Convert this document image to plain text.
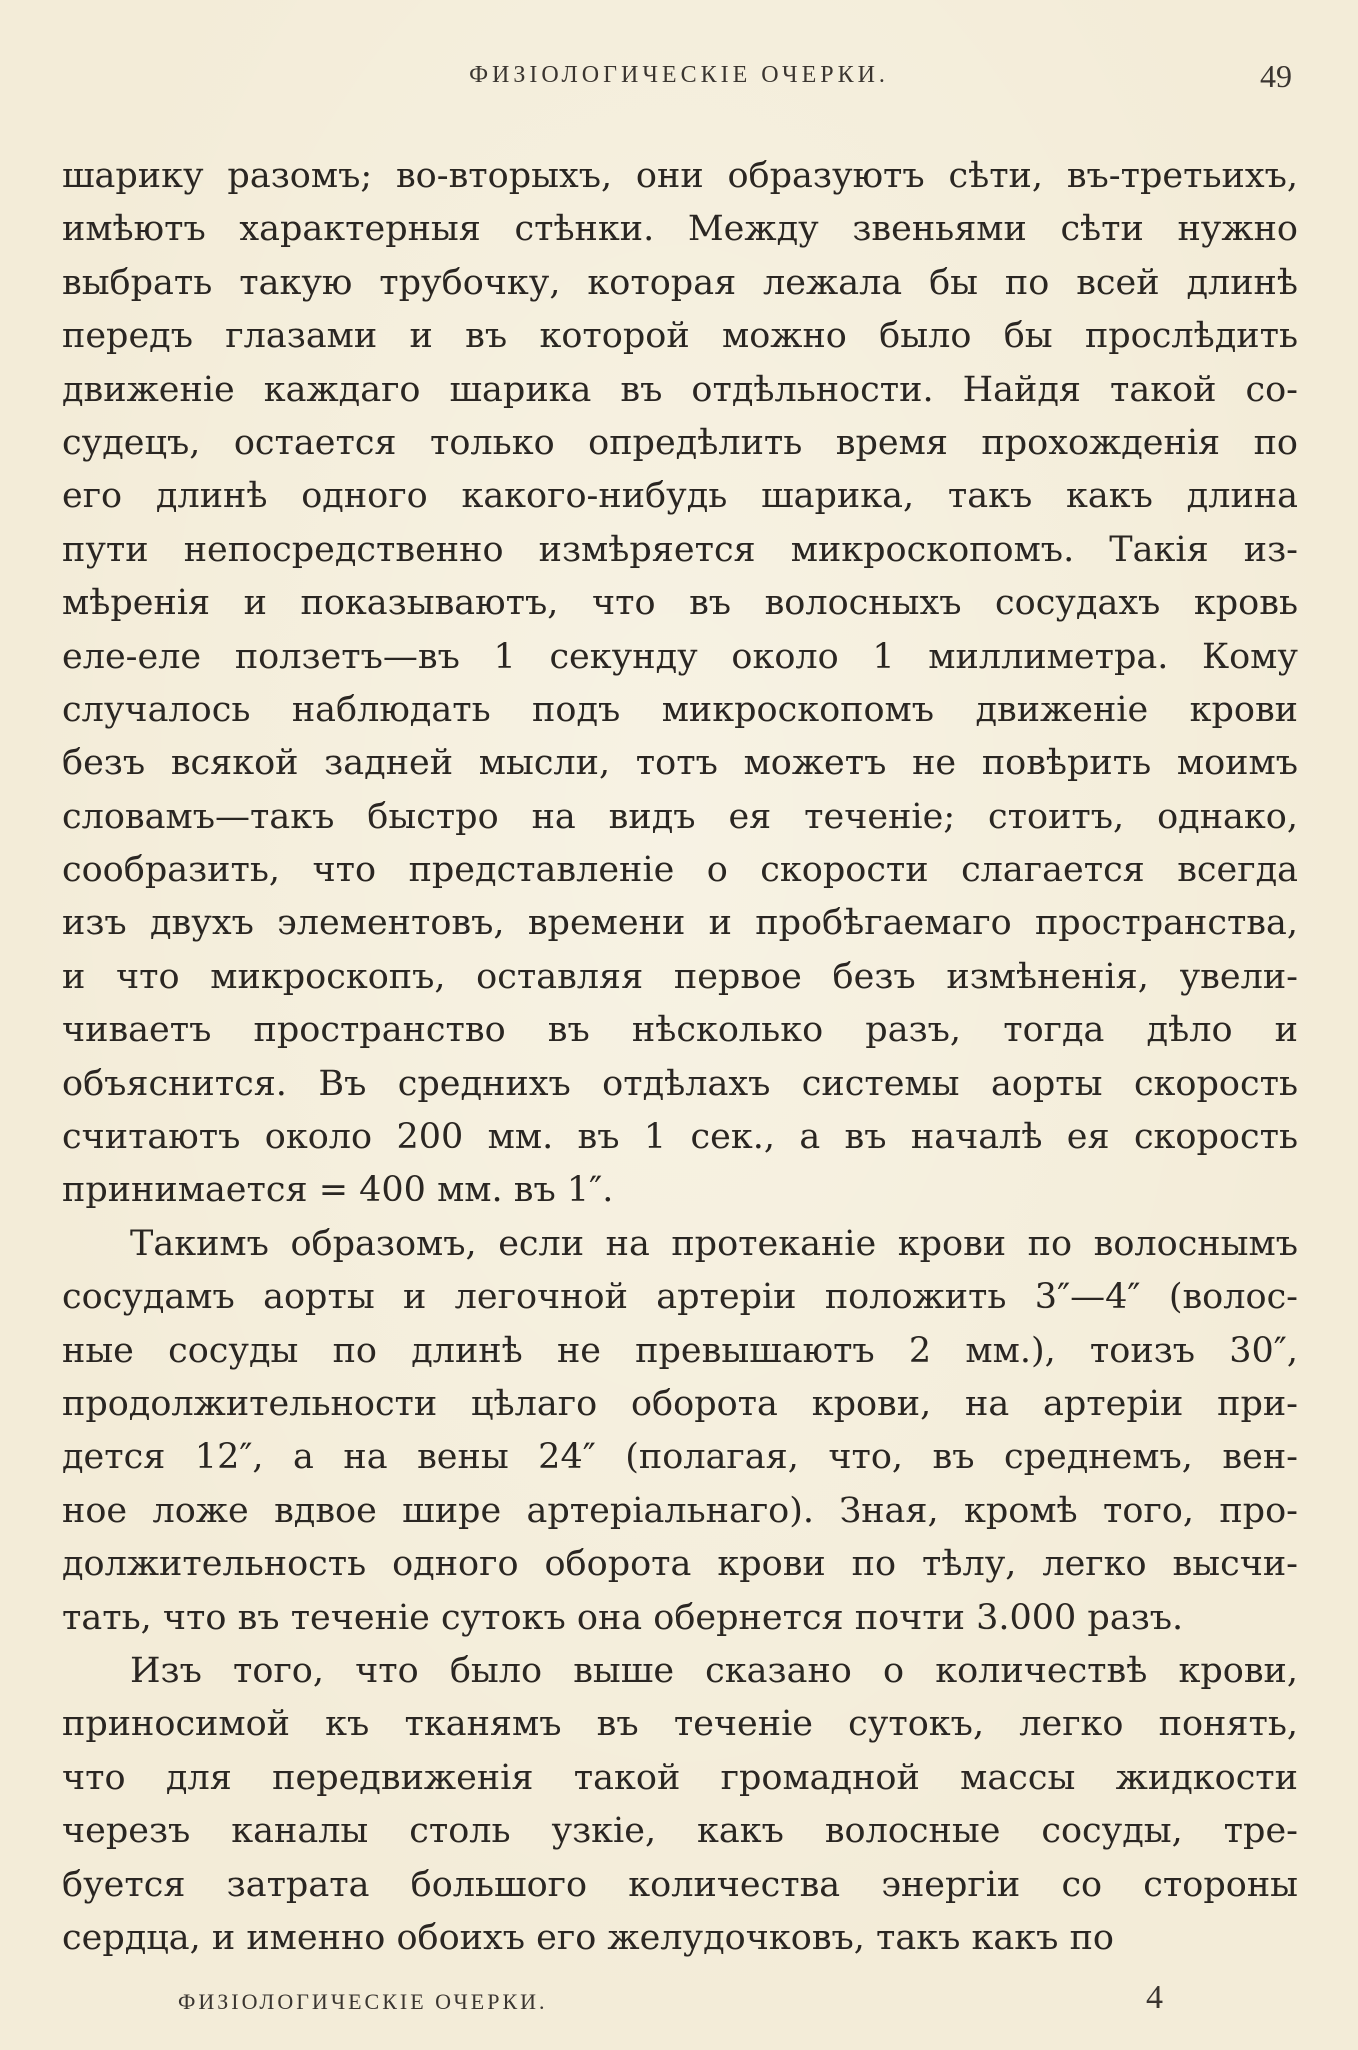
ФИЗІОЛОГИЧЕСКІЕ ОЧЕРКИ.	49
шарику разомъ; во-вторыхъ, они образуютъ сѣти, въ-третьихъ,
имѣютъ характерныя стѣнки. Между звеньями сѣти нужно
выбрать такую трубочку, которая лежала бы по всей длинѣ
передъ глазами и въ которой можно было бы прослѣдить
движеніе каждаго шарика въ отдѣльности. Найдя такой со-
судецъ, остается только опредѣлить время прохожденія по
его длинѣ одного какого-нибудь шарика, такъ какъ длина
пути непосредственно измѣряется микроскопомъ. Такія из-
мѣренія и показываютъ, что въ волосныхъ сосудахъ кровь
еле-еле ползетъ—въ 1 секунду около 1 миллиметра. Кому
случалось наблюдать подъ микроскопомъ движеніе крови
безъ всякой задней мысли, тотъ можетъ не повѣрить моимъ
словамъ—такъ быстро на видъ ея теченіе; стоитъ, однако,
сообразить, что представленіе о скорости слагается всегда
изъ двухъ элементовъ, времени и пробѣгаемаго пространства,
и что микроскопъ, оставляя первое безъ измѣненія, увели-
чиваетъ пространство въ нѣсколько разъ, тогда дѣло и
объяснится. Въ среднихъ отдѣлахъ системы аорты скорость
считаютъ около 200 мм. въ 1 сек., а въ началѣ ея скорость
принимается = 400 мм. въ 1″.
Такимъ образомъ, если на протеканіе крови по волоснымъ
сосудамъ аорты и легочной артеріи положить 3″—4″ (волос-
ные сосуды по длинѣ не превышаютъ 2 мм.), тоизъ 30″,
продолжительности цѣлаго оборота крови, на артеріи при-
дется 12″, а на вены 24″ (полагая, что, въ среднемъ, вен-
ное ложе вдвое шире артеріальнаго). Зная, кромѣ того, про-
должительность одного оборота крови по тѣлу, легко высчи-
тать, что въ теченіе сутокъ она обернется почти 3.000 разъ.
Изъ того, что было выше сказано о количествѣ крови,
приносимой къ тканямъ въ теченіе сутокъ, легко понять,
что для передвиженія такой громадной массы жидкости
черезъ каналы столь узкіе, какъ волосные сосуды, тре-
буется затрата большого количества энергіи со стороны
сердца, и именно обоихъ его желудочковъ, такъ какъ по
ФИЗІОЛОГИЧЕСКІЕ ОЧЕРКИ.	4
